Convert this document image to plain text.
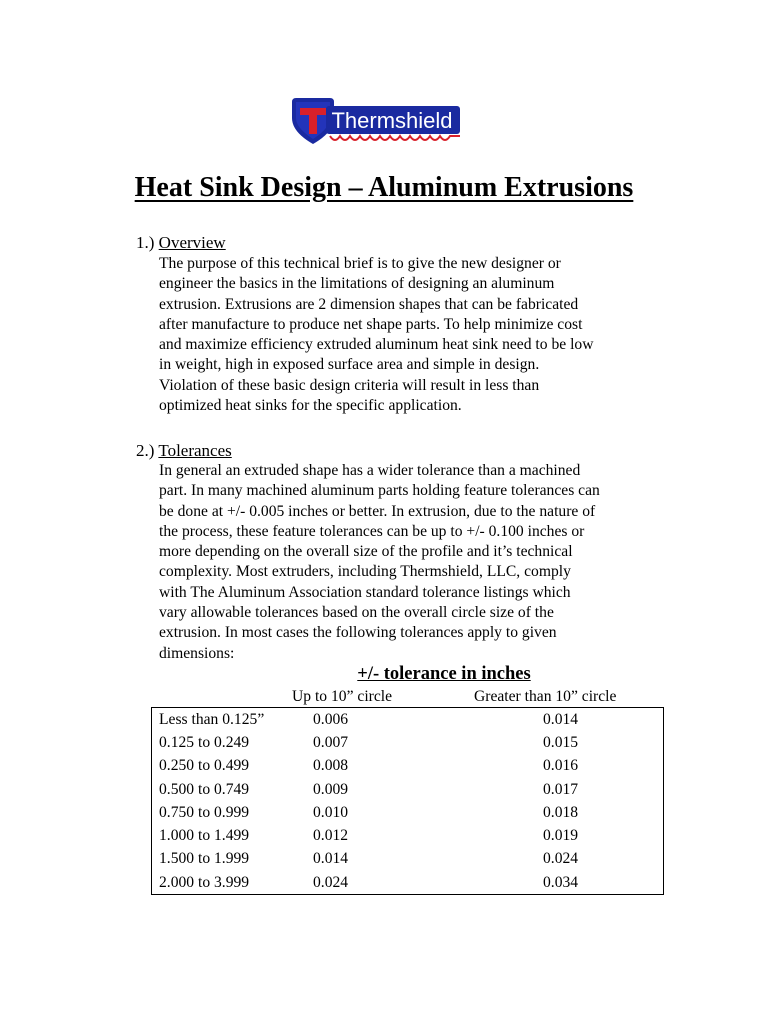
Thermshield
Heat Sink Design – Aluminum Extrusions
1.) Overview
The purpose of this technical brief is to give the new designer or
engineer the basics in the limitations of designing an aluminum
extrusion. Extrusions are 2 dimension shapes that can be fabricated
after manufacture to produce net shape parts. To help minimize cost
and maximize efficiency extruded aluminum heat sink need to be low
in weight, high in exposed surface area and simple in design.
Violation of these basic design criteria will result in less than
optimized heat sinks for the specific application.
2.) Tolerances
In general an extruded shape has a wider tolerance than a machined
part. In many machined aluminum parts holding feature tolerances can
be done at +/- 0.005 inches or better. In extrusion, due to the nature of
the process, these feature tolerances can be up to +/- 0.100 inches or
more depending on the overall size of the profile and it’s technical
complexity. Most extruders, including Thermshield, LLC, comply
with The Aluminum Association standard tolerance listings which
vary allowable tolerances based on the overall circle size of the
extrusion. In most cases the following tolerances apply to given
dimensions:
+/- tolerance in inches
Up to 10” circle	Greater than 10” circle
Less than 0.125”	0.006	0.014
0.125 to 0.249	0.007	0.015
0.250 to 0.499	0.008	0.016
0.500 to 0.749	0.009	0.017
0.750 to 0.999	0.010	0.018
1.000 to 1.499	0.012	0.019
1.500 to 1.999	0.014	0.024
2.000 to 3.999	0.024	0.034
